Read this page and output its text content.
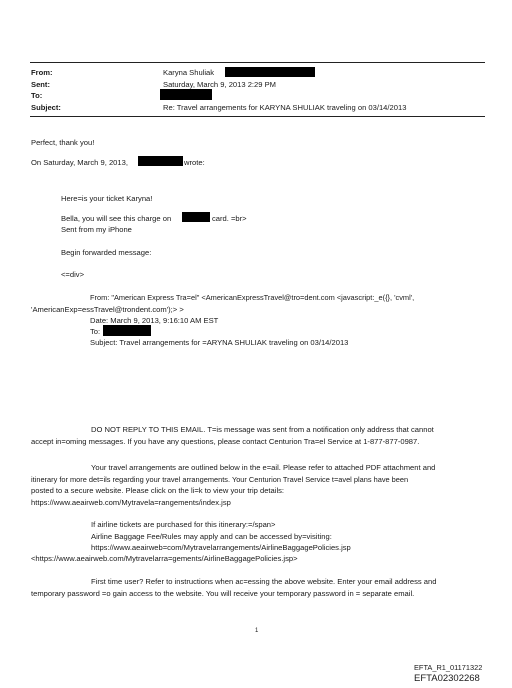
From:
Sent:
To:
Subject:
Karyna Shuliak
Saturday, March 9, 2013 2:29 PM
Re: Travel arrangements for KARYNA SHULIAK traveling on 03/14/2013
Perfect, thank you!
On Saturday, March 9, 2013,	wrote:
Here=is your ticket Karyna!
Bella, you will see this charge on	card. =br>
Sent from my iPhone
Begin forwarded message:
<=div>
From: "American Express Tra=el" <AmericanExpressTravel@tro=dent.com <javascript:_e({}, 'cvml',
'AmericanExp=essTravel@trondent.com');> >
Date: March 9, 2013, 9:16:10 AM EST
To:
Subject: Travel arrangements for =ARYNA SHULIAK traveling on 03/14/2013
DO NOT REPLY TO THIS EMAIL. T=is message was sent from a notification only address that cannot
accept in=oming messages. If you have any questions, please contact Centurion Tra=el Service at 1-877-877-0987.
Your travel arrangements are outlined below in the e=ail. Please refer to attached PDF attachment and
itinerary for more det=ils regarding your travel arrangements. Your Centurion Travel Service t=avel plans have been
posted to a secure website. Please click on the li=k to view your trip details:
https://www.aeairweb.com/Mytravela=rangements/index.jsp
If airline tickets are purchased for this itinerary:=/span>
Airline Baggage Fee/Rules may apply and can be accessed by=visiting:
https://www.aeairweb=com/Mytravelarrangements/AirlineBaggagePolicies.jsp
<https://www.aeairweb.com/Mytravelarra=gements/AirlineBaggagePolicies.jsp>
First time user? Refer to instructions when ac=essing the above website. Enter your email address and
temporary password =o gain access to the website. You will receive your temporary password in = separate email.
1
EFTA_R1_01171322
EFTA02302268
